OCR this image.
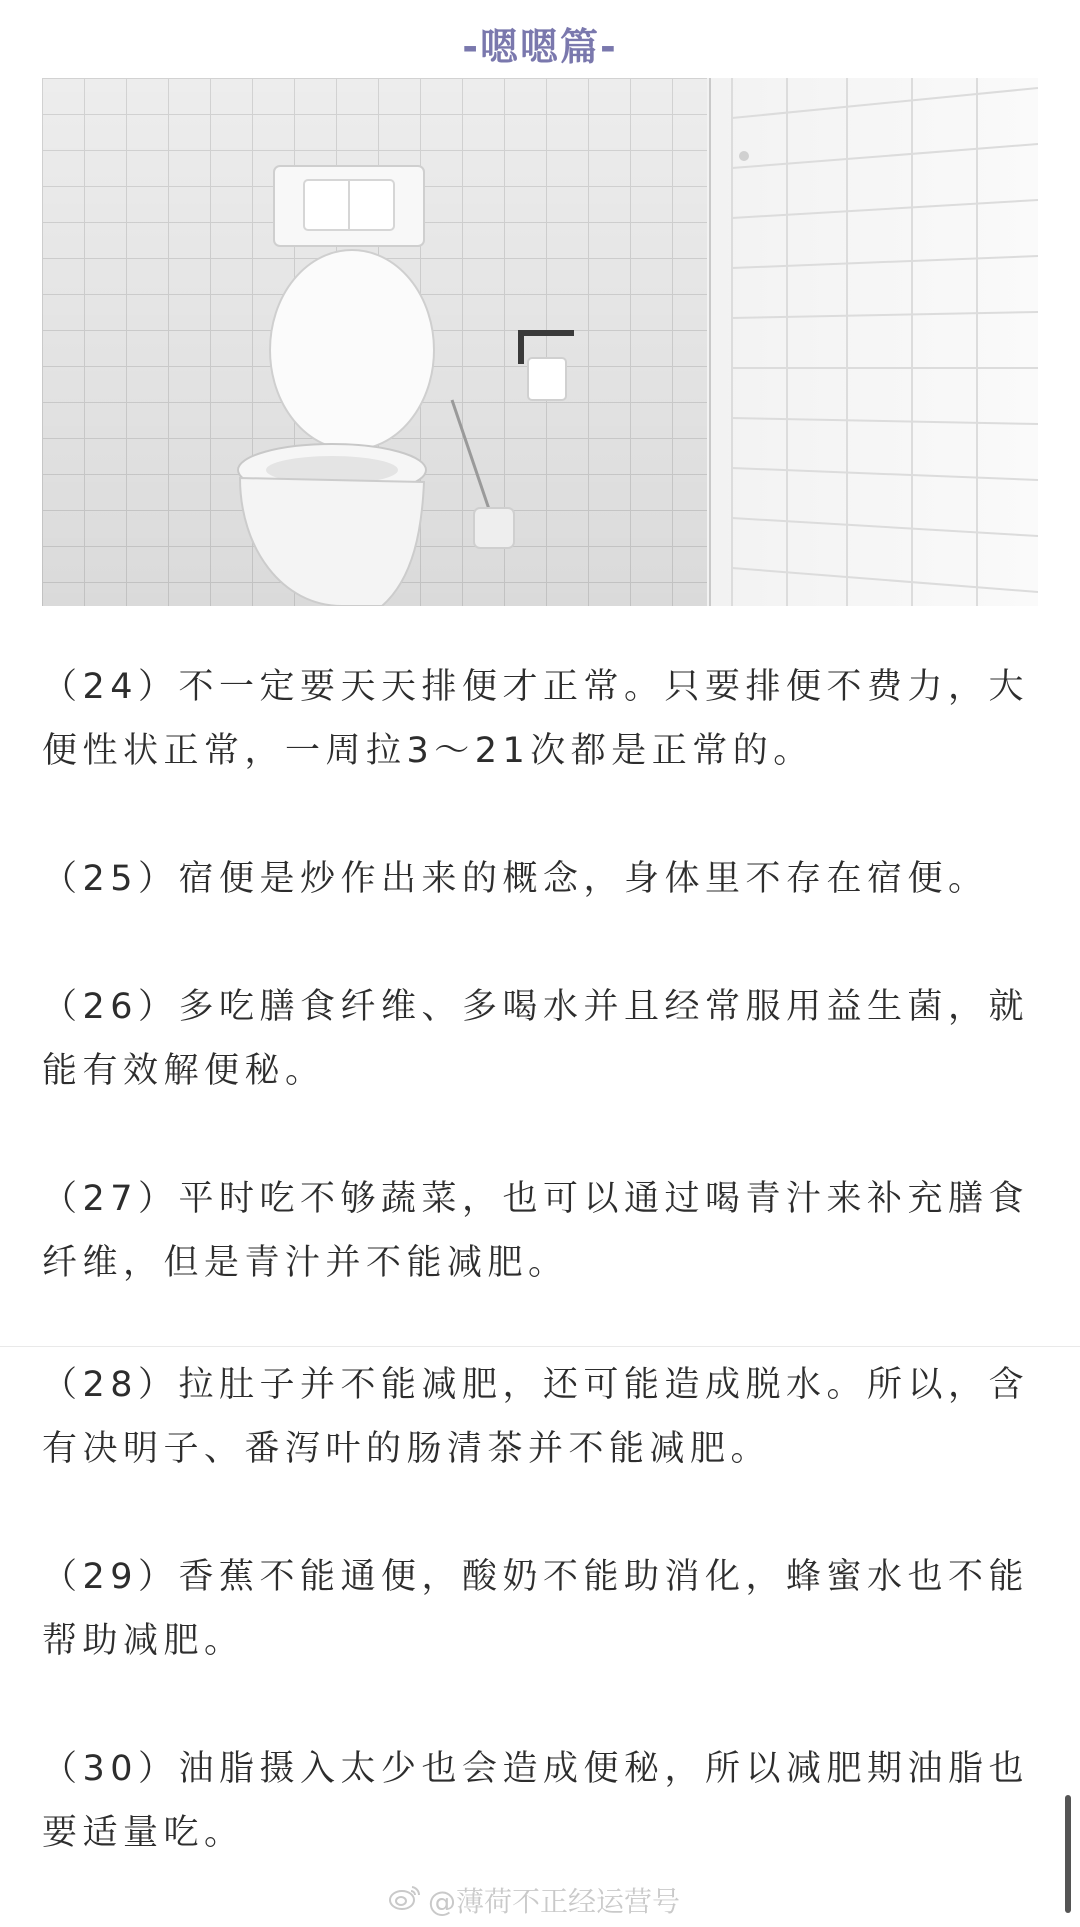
-嗯嗯篇-

（24）不一定要天天排便才正常。只要排便不费力，大便性状正常，一周拉3～21次都是正常的。

（25）宿便是炒作出来的概念，身体里不存在宿便。

（26）多吃膳食纤维、多喝水并且经常服用益生菌，就能有效解便秘。

（27）平时吃不够蔬菜，也可以通过喝青汁来补充膳食纤维，但是青汁并不能减肥。

（28）拉肚子并不能减肥，还可能造成脱水。所以，含有决明子、番泻叶的肠清茶并不能减肥。

（29）香蕉不能通便，酸奶不能助消化，蜂蜜水也不能帮助减肥。

（30）油脂摄入太少也会造成便秘，所以减肥期油脂也要适量吃。

@薄荷不正经运营号
